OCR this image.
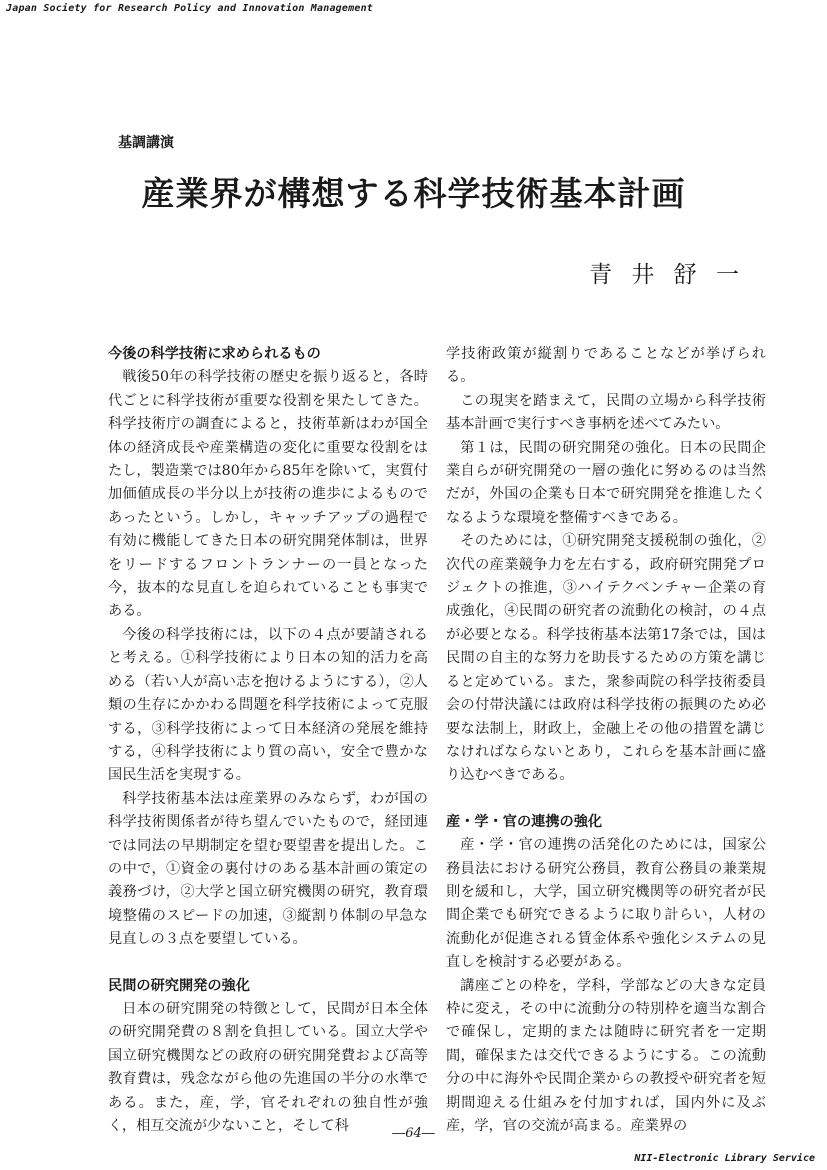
Japan Society for Research Policy and Innovation Management
基調講演
産業界が構想する科学技術基本計画
青 井 舒 一
今後の科学技術に求められるもの

戦後50年の科学技術の歴史を振り返ると，各時代ごとに科学技術が重要な役割を果たしてきた。科学技術庁の調査によると，技術革新はわが国全体の経済成長や産業構造の変化に重要な役割をはたし，製造業では80年から85年を除いて，実質付加価値成長の半分以上が技術の進歩によるものであったという。しかし，キャッチアップの過程で有効に機能してきた日本の研究開発体制は，世界をリードするフロントランナーの一員となった今，抜本的な見直しを迫られていることも事実である。

今後の科学技術には，以下の４点が要請されると考える。①科学技術により日本の知的活力を高める（若い人が高い志を抱けるようにする），②人類の生存にかかわる問題を科学技術によって克服する，③科学技術によって日本経済の発展を維持する，④科学技術により質の高い，安全で豊かな国民生活を実現する。

科学技術基本法は産業界のみならず，わが国の科学技術関係者が待ち望んでいたもので，経団連では同法の早期制定を望む要望書を提出した。この中で，①資金の裏付けのある基本計画の策定の義務づけ，②大学と国立研究機関の研究，教育環境整備のスピードの加速，③縦割り体制の早急な見直しの３点を要望している。

民間の研究開発の強化

日本の研究開発の特徴として，民間が日本全体の研究開発費の８割を負担している。国立大学や国立研究機関などの政府の研究開発費および高等教育費は，残念ながら他の先進国の半分の水準である。また，産，学，官それぞれの独自性が強く，相互交流が少ないこと，そして科

学技術政策が縦割りであることなどが挙げられる。

この現実を踏まえて，民間の立場から科学技術基本計画で実行すべき事柄を述べてみたい。

第１は，民間の研究開発の強化。日本の民間企業自らが研究開発の一層の強化に努めるのは当然だが，外国の企業も日本で研究開発を推進したくなるような環境を整備すべきである。

そのためには，①研究開発支援税制の強化，②次代の産業競争力を左右する，政府研究開発プロジェクトの推進，③ハイテクベンチャー企業の育成強化，④民間の研究者の流動化の検討，の４点が必要となる。科学技術基本法第17条では，国は民間の自主的な努力を助長するための方策を講じると定めている。また，衆参両院の科学技術委員会の付帯決議には政府は科学技術の振興のため必要な法制上，財政上，金融上その他の措置を講じなければならないとあり，これらを基本計画に盛り込むべきである。

産・学・官の連携の強化

産・学・官の連携の活発化のためには，国家公務員法における研究公務員，教育公務員の兼業規則を緩和し，大学，国立研究機関等の研究者が民間企業でも研究できるように取り計らい，人材の流動化が促進される賃金体系や強化システムの見直しを検討する必要がある。

講座ごとの枠を，学科，学部などの大きな定員枠に変え，その中に流動分の特別枠を適当な割合で確保し，定期的または随時に研究者を一定期間，確保または交代できるようにする。この流動分の中に海外や民間企業からの教授や研究者を短期間迎える仕組みを付加すれば，国内外に及ぶ産，学，官の交流が高まる。産業界の

―64―
NII-Electronic Library Service
